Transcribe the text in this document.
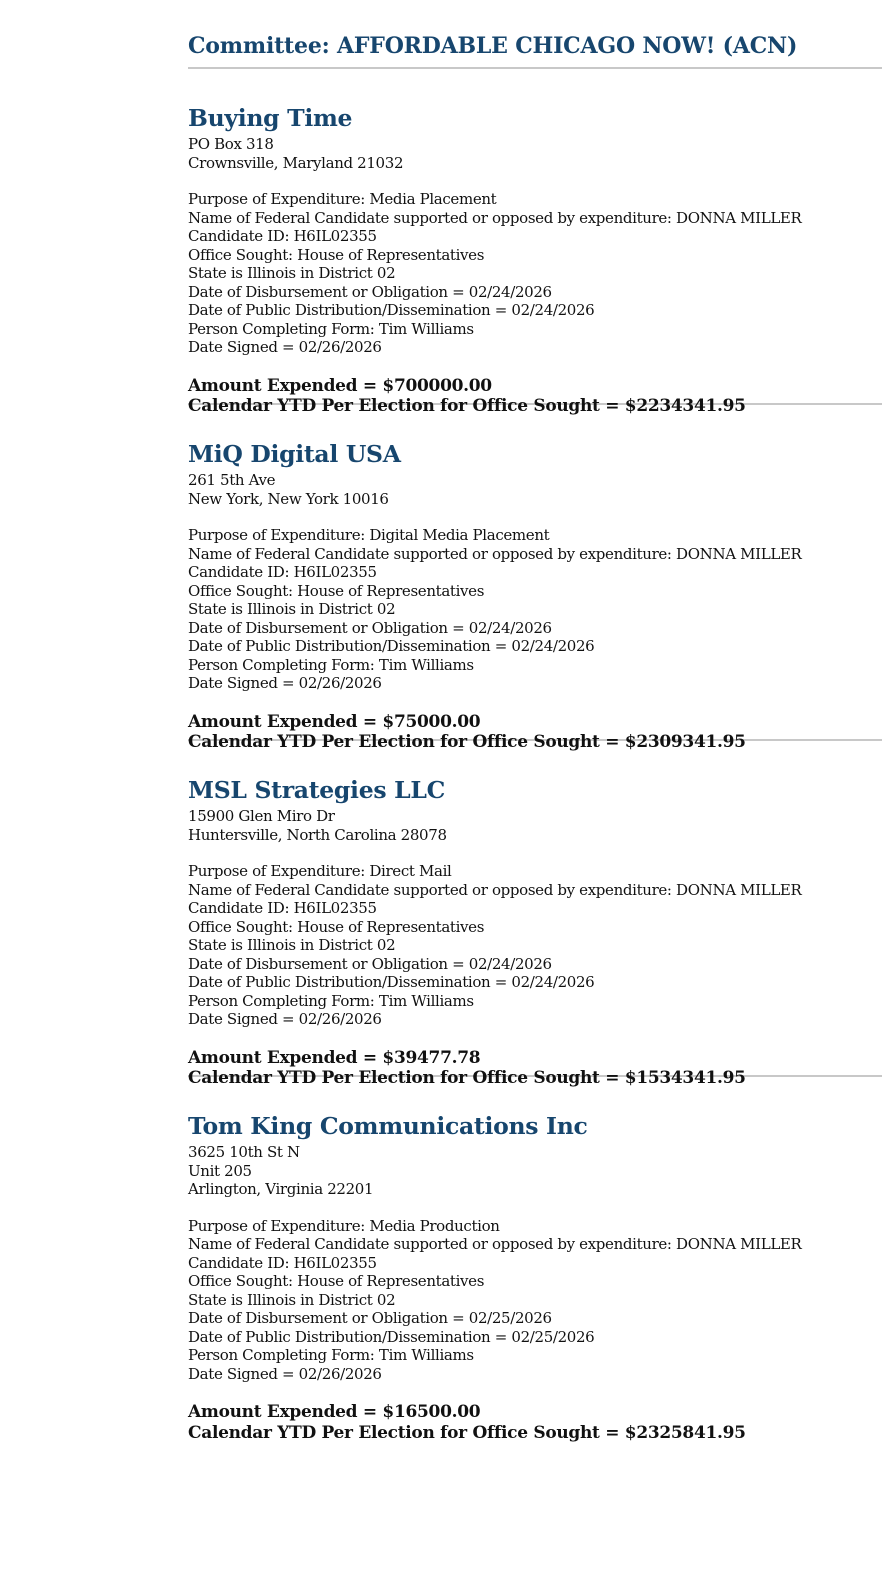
Committee: AFFORDABLE CHICAGO NOW! (ACN)
Buying Time
PO Box 318
Crownsville, Maryland 21032
Purpose of Expenditure: Media Placement
Name of Federal Candidate supported or opposed by expenditure: DONNA MILLER
Candidate ID: H6IL02355
Office Sought: House of Representatives
State is Illinois in District 02
Date of Disbursement or Obligation = 02/24/2026
Date of Public Distribution/Dissemination = 02/24/2026
Person Completing Form: Tim Williams
Date Signed = 02/26/2026
Amount Expended = $700000.00
Calendar YTD Per Election for Office Sought = $2234341.95
MiQ Digital USA
261 5th Ave
New York, New York 10016
Purpose of Expenditure: Digital Media Placement
Name of Federal Candidate supported or opposed by expenditure: DONNA MILLER
Candidate ID: H6IL02355
Office Sought: House of Representatives
State is Illinois in District 02
Date of Disbursement or Obligation = 02/24/2026
Date of Public Distribution/Dissemination = 02/24/2026
Person Completing Form: Tim Williams
Date Signed = 02/26/2026
Amount Expended = $75000.00
Calendar YTD Per Election for Office Sought = $2309341.95
MSL Strategies LLC
15900 Glen Miro Dr
Huntersville, North Carolina 28078
Purpose of Expenditure: Direct Mail
Name of Federal Candidate supported or opposed by expenditure: DONNA MILLER
Candidate ID: H6IL02355
Office Sought: House of Representatives
State is Illinois in District 02
Date of Disbursement or Obligation = 02/24/2026
Date of Public Distribution/Dissemination = 02/24/2026
Person Completing Form: Tim Williams
Date Signed = 02/26/2026
Amount Expended = $39477.78
Calendar YTD Per Election for Office Sought = $1534341.95
Tom King Communications Inc
3625 10th St N
Unit 205
Arlington, Virginia 22201
Purpose of Expenditure: Media Production
Name of Federal Candidate supported or opposed by expenditure: DONNA MILLER
Candidate ID: H6IL02355
Office Sought: House of Representatives
State is Illinois in District 02
Date of Disbursement or Obligation = 02/25/2026
Date of Public Distribution/Dissemination = 02/25/2026
Person Completing Form: Tim Williams
Date Signed = 02/26/2026
Amount Expended = $16500.00
Calendar YTD Per Election for Office Sought = $2325841.95
